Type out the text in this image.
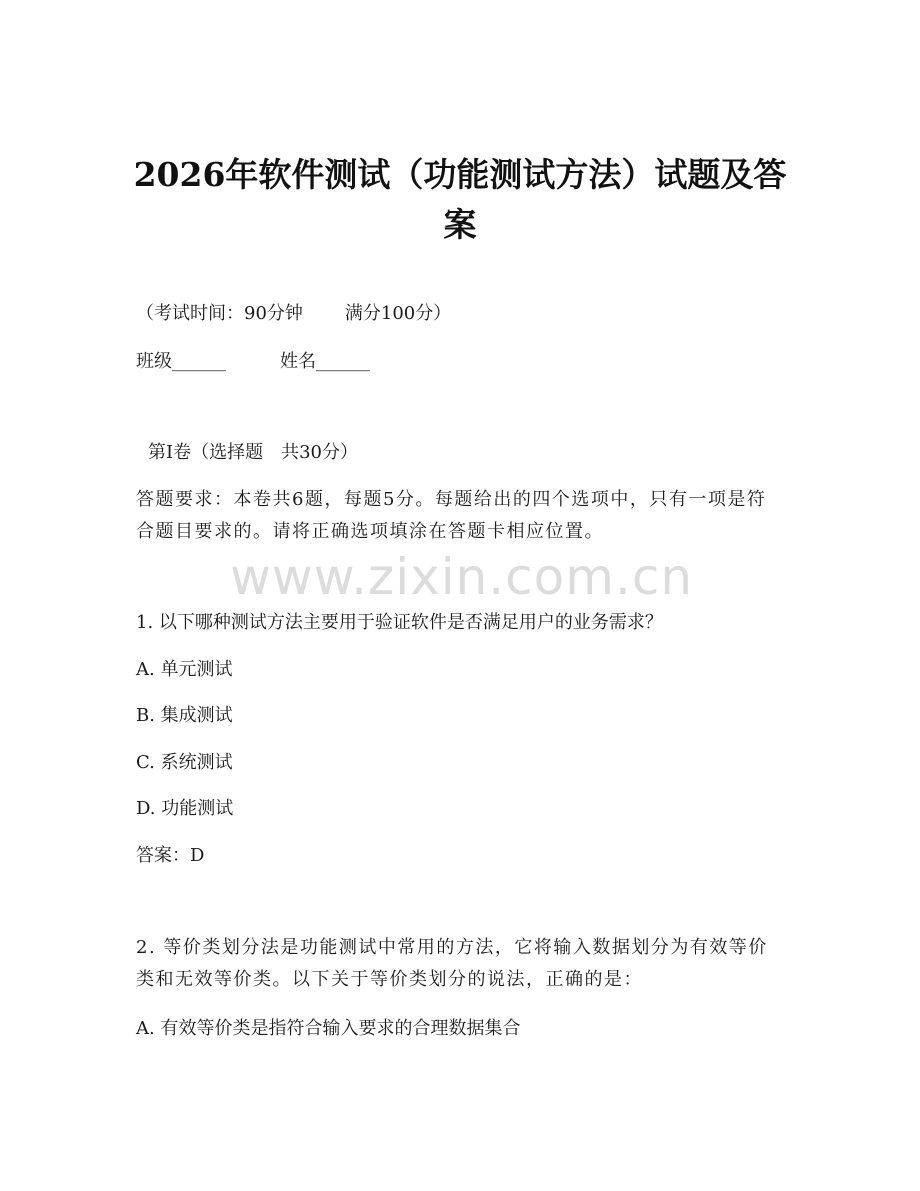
2026年软件测试（功能测试方法）试题及答案
（考试时间：90分钟 满分100分）
班级______	姓名______
第Ⅰ卷（选择题　共30分）
答题要求：本卷共6题，每题5分。每题给出的四个选项中，只有一项是符合题目要求的。请将正确选项填涂在答题卡相应位置。
www.zixin.com.cn
1. 以下哪种测试方法主要用于验证软件是否满足用户的业务需求？
A. 单元测试
B. 集成测试
C. 系统测试
D. 功能测试
答案：D
2. 等价类划分法是功能测试中常用的方法，它将输入数据划分为有效等价类和无效等价类。以下关于等价类划分的说法，正确的是：
A. 有效等价类是指符合输入要求的合理数据集合
